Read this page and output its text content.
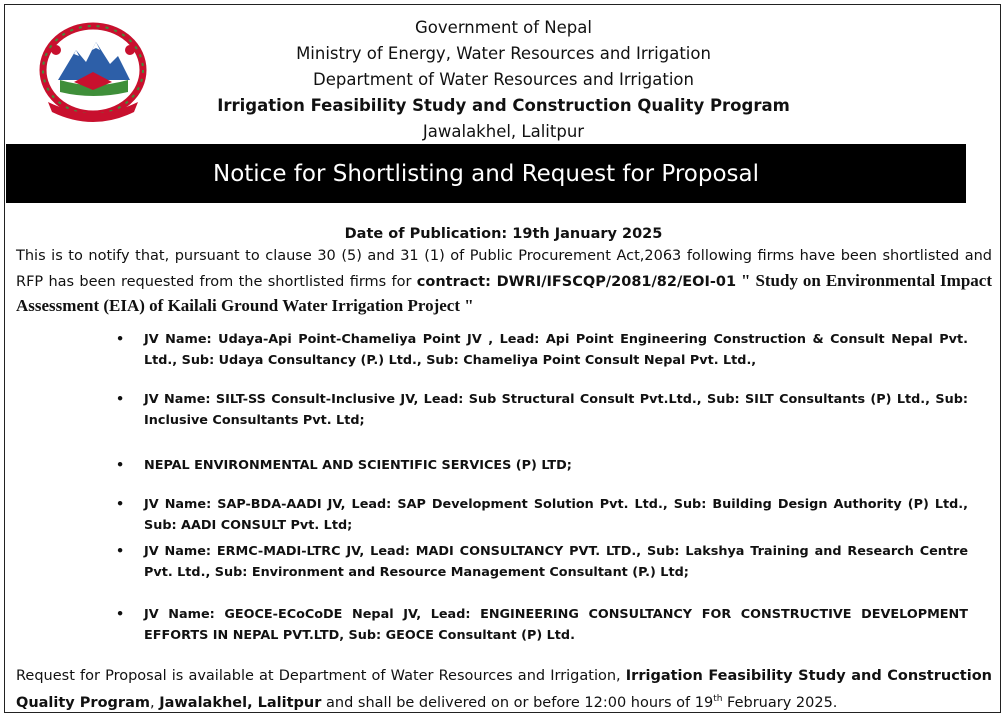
Government of Nepal
Ministry of Energy, Water Resources and Irrigation
Department of Water Resources and Irrigation
Irrigation Feasibility Study and Construction Quality Program
Jawalakhel, Lalitpur
Notice for Shortlisting and Request for Proposal
Date of Publication: 19th January 2025
This is to notify that, pursuant to clause 30 (5) and 31 (1) of Public Procurement Act,2063 following firms have been shortlisted and RFP has been requested from the shortlisted firms for contract: DWRI/IFSCQP/2081/82/EOI-01 " Study on Environmental Impact Assessment (EIA) of Kailali Ground Water Irrigation Project "
• JV Name: Udaya-Api Point-Chameliya Point JV , Lead: Api Point Engineering Construction & Consult Nepal Pvt. Ltd., Sub: Udaya Consultancy (P.) Ltd., Sub: Chameliya Point Consult Nepal Pvt. Ltd.,
• JV Name: SILT-SS Consult-Inclusive JV, Lead: Sub Structural Consult Pvt.Ltd., Sub: SILT Consultants (P) Ltd., Sub: Inclusive Consultants Pvt. Ltd;
• NEPAL ENVIRONMENTAL AND SCIENTIFIC SERVICES (P) LTD;
• JV Name: SAP-BDA-AADI JV, Lead: SAP Development Solution Pvt. Ltd., Sub: Building Design Authority (P) Ltd., Sub: AADI CONSULT Pvt. Ltd;
• JV Name: ERMC-MADI-LTRC JV, Lead: MADI CONSULTANCY PVT. LTD., Sub: Lakshya Training and Research Centre Pvt. Ltd., Sub: Environment and Resource Management Consultant (P.) Ltd;
• JV Name: GEOCE-ECoCoDE Nepal JV, Lead: ENGINEERING CONSULTANCY FOR CONSTRUCTIVE DEVELOPMENT EFFORTS IN NEPAL PVT.LTD, Sub: GEOCE Consultant (P) Ltd.
Request for Proposal is available at Department of Water Resources and Irrigation, Irrigation Feasibility Study and Construction Quality Program, Jawalakhel, Lalitpur and shall be delivered on or before 12:00 hours of 19th February 2025.
